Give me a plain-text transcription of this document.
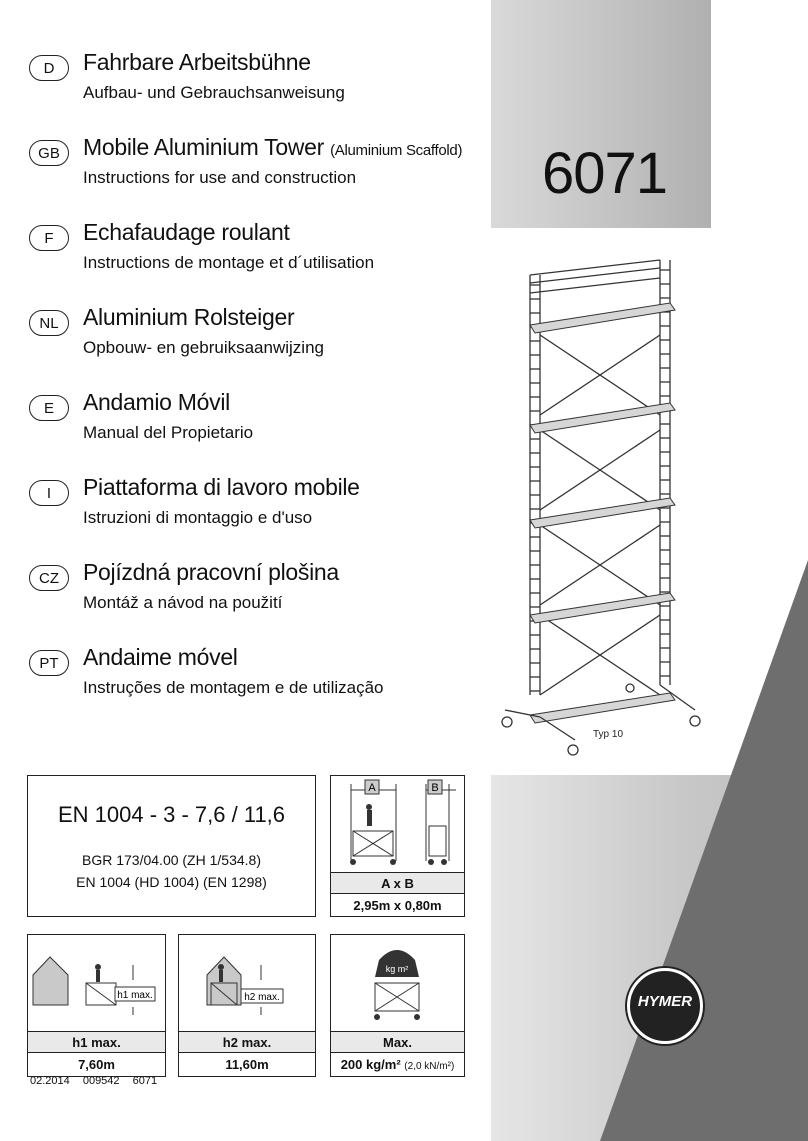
6071
D	Fahrbare Arbeitsbühne
Aufbau- und Gebrauchsanweisung
GB	Mobile Aluminium Tower (Aluminium Scaffold)
Instructions for use and construction
F	Echafaudage roulant
Instructions de montage et d´utilisation
NL	Aluminium Rolsteiger
Opbouw- en gebruiksaanwijzing
E	Andamio Móvil
Manual del Propietario
I	Piattaforma di lavoro mobile
Istruzioni di montaggio e d'uso
CZ	Pojízdná pracovní plošina
Montáž a návod na použití
PT	Andaime móvel
Instruções de montagem e de utilização
Typ 10
EN 1004 - 3 - 7,6 / 11,6
BGR 173/04.00 (ZH 1/534.8)
EN 1004 (HD 1004) (EN 1298)
A	B
A x B
2,95m x 0,80m
h1 max.
h1 max.
7,60m
h2 max.
h2 max.
11,60m
kg m²
Max.
200 kg/m² (2,0 kN/m²)
HYMER
02.2014 009542 6071
